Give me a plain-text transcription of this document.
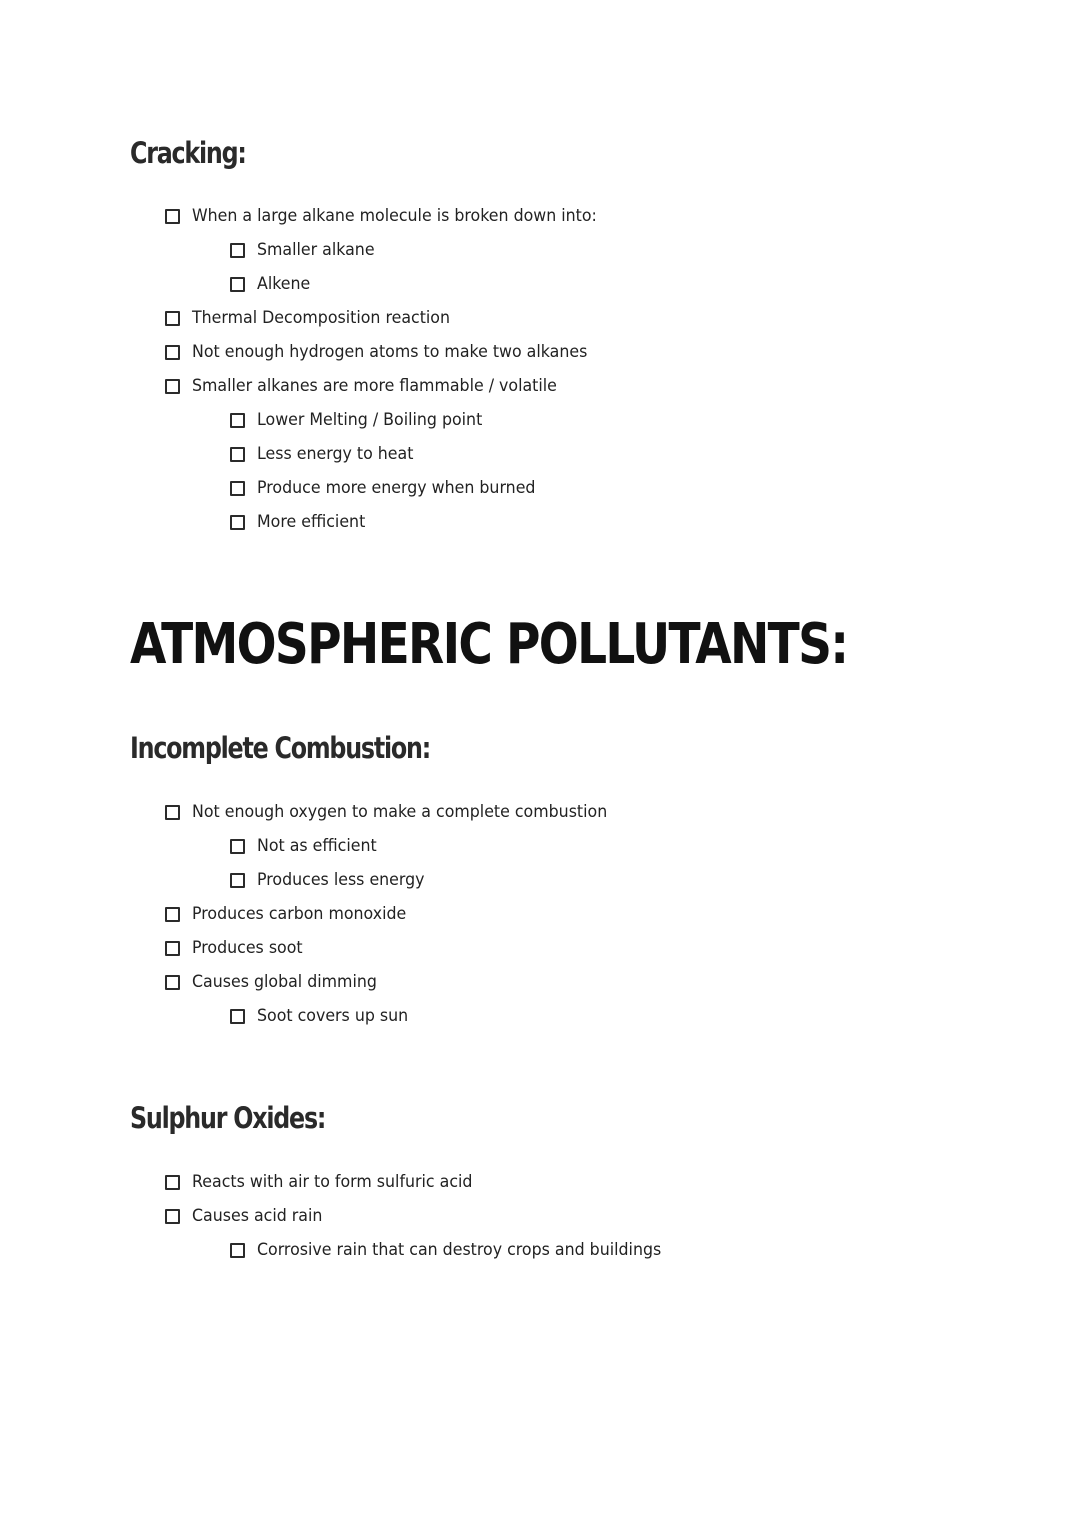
Cracking:
When a large alkane molecule is broken down into:
Smaller alkane
Alkene
Thermal Decomposition reaction
Not enough hydrogen atoms to make two alkanes
Smaller alkanes are more flammable / volatile
Lower Melting / Boiling point
Less energy to heat
Produce more energy when burned
More efficient
ATMOSPHERIC POLLUTANTS:
Incomplete Combustion:
Not enough oxygen to make a complete combustion
Not as efficient
Produces less energy
Produces carbon monoxide
Produces soot
Causes global dimming
Soot covers up sun
Sulphur Oxides:
Reacts with air to form sulfuric acid
Causes acid rain
Corrosive rain that can destroy crops and buildings
